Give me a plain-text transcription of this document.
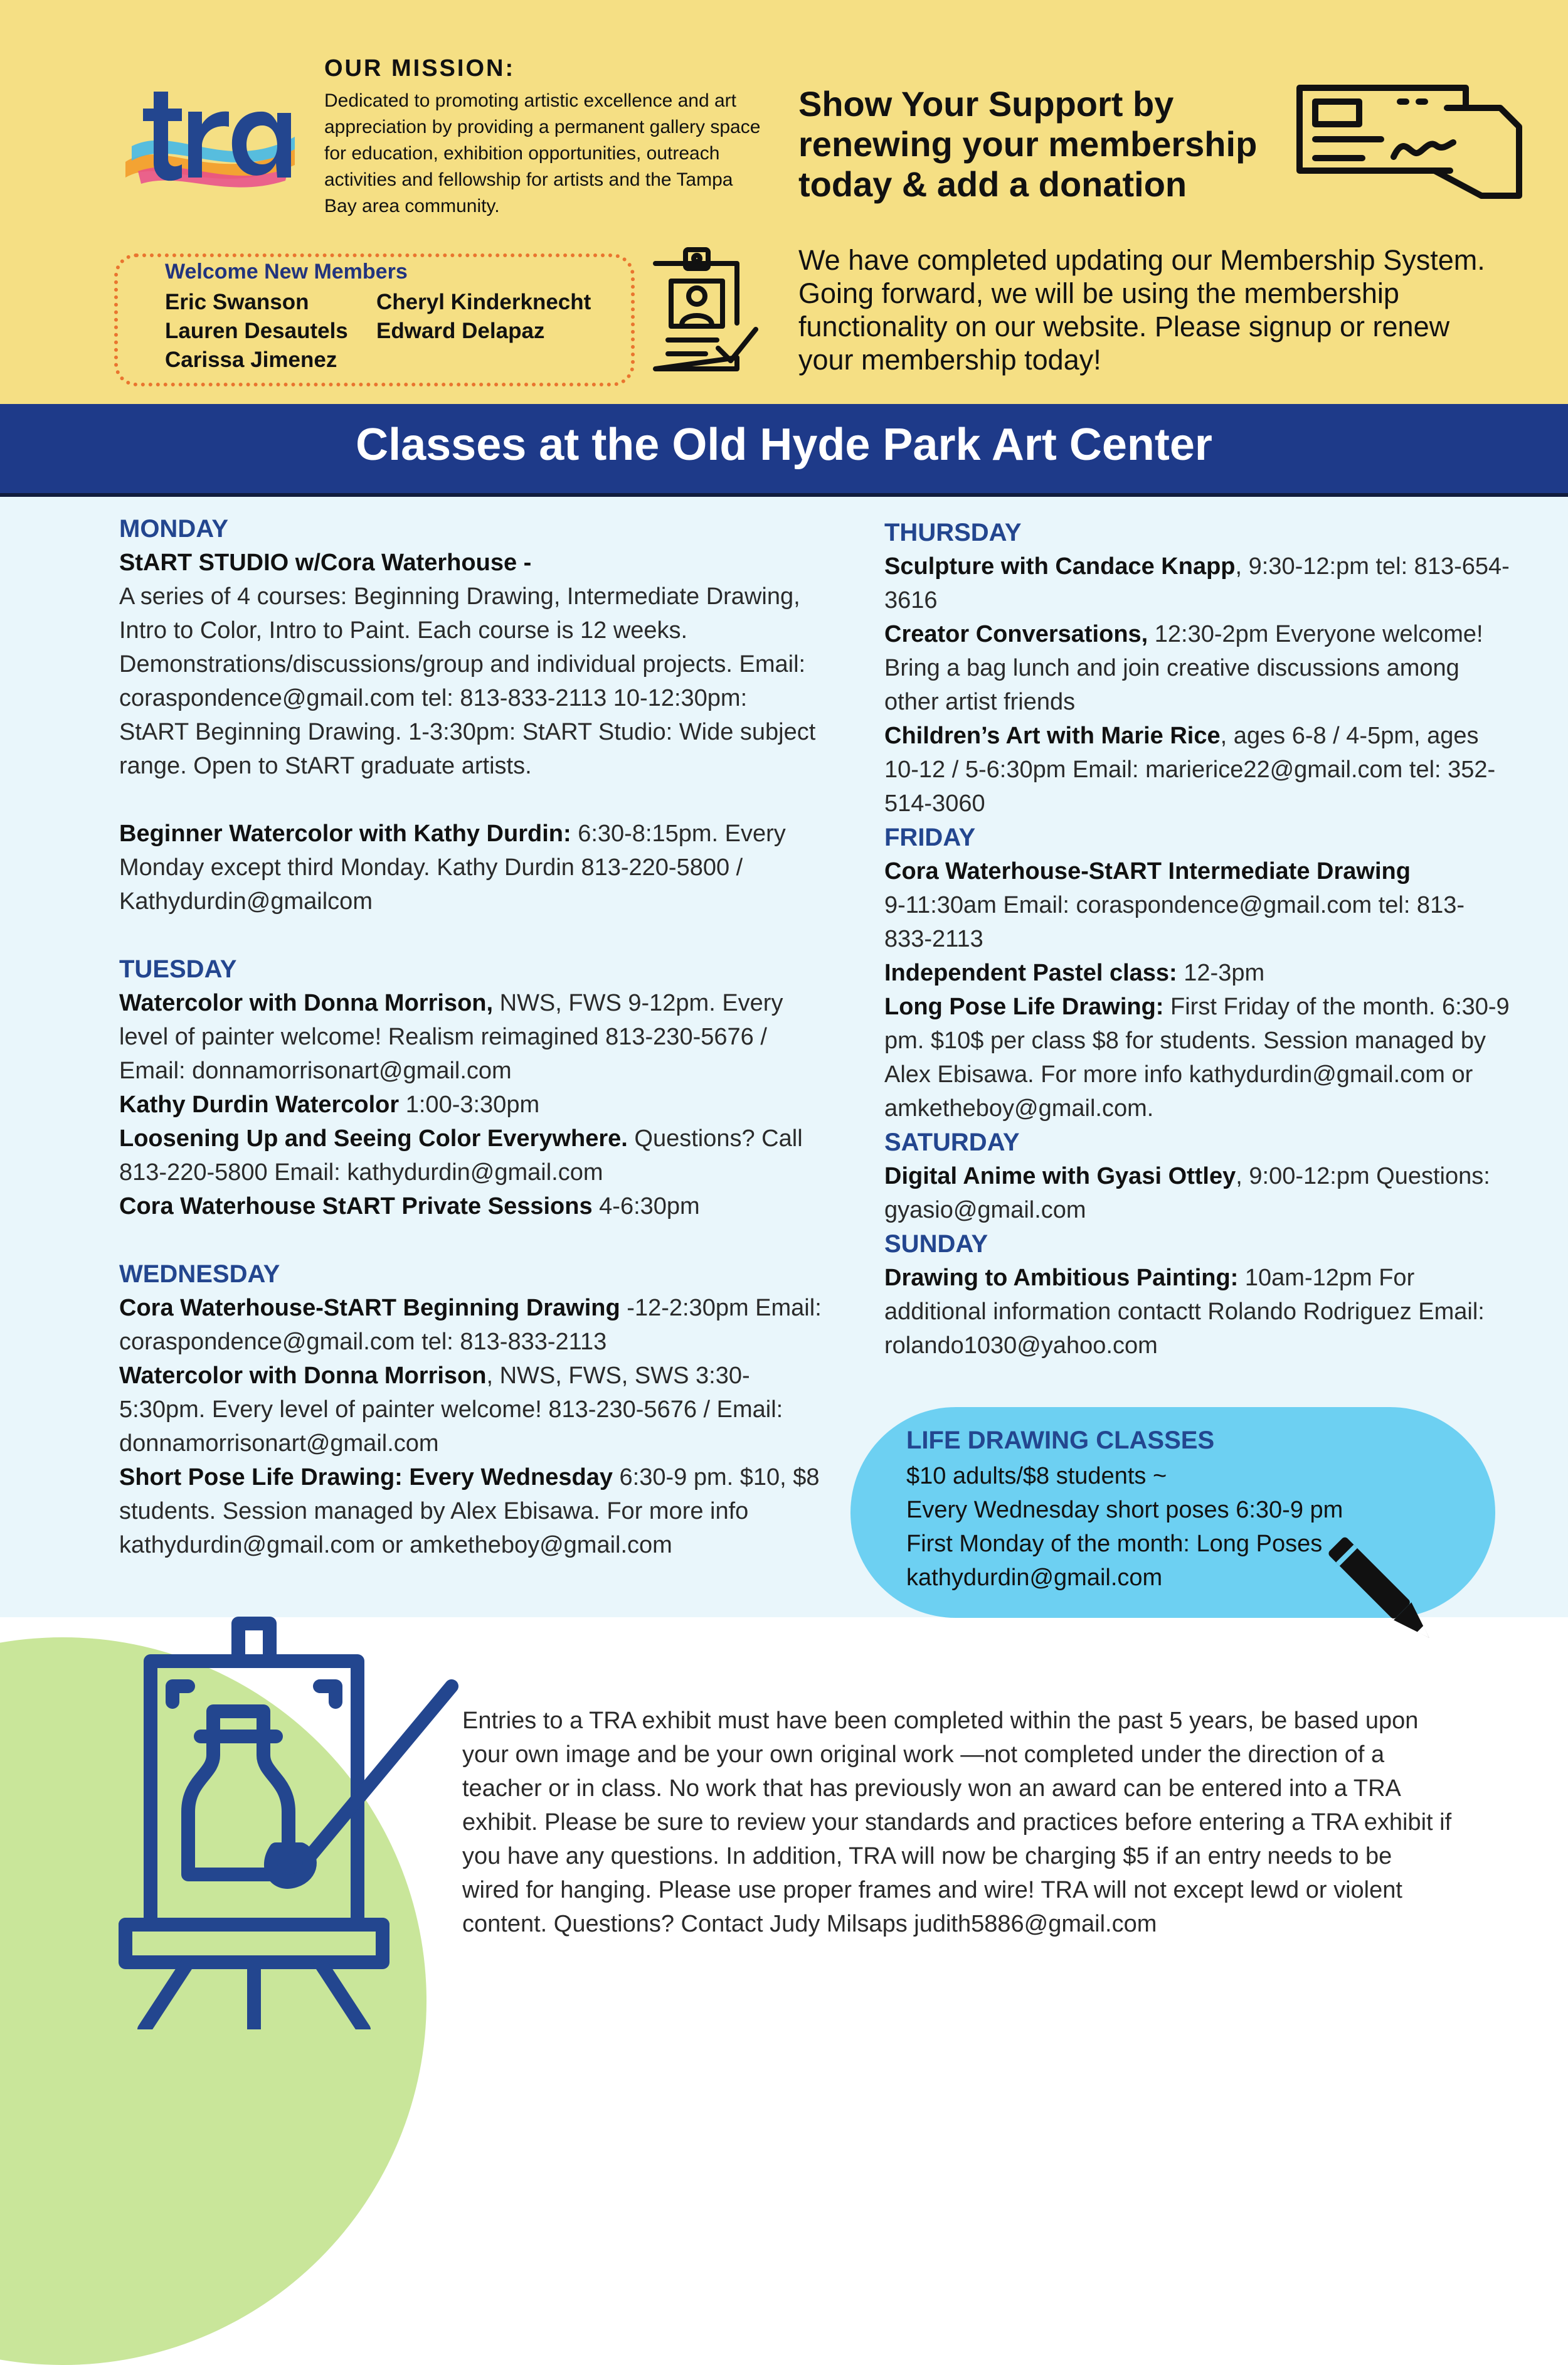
OUR MISSION:
Dedicated to promoting artistic excellence and art appreciation by providing a permanent gallery space for education, exhibition opportunities, outreach activities and fellowship for artists and the Tampa Bay area community.
Welcome New Members
Eric Swanson
Lauren Desautels
Carissa Jimenez
Cheryl Kinderknecht
Edward Delapaz
Show Your Support by renewing your membership today & add a donation
We have completed updating our Membership System. Going forward, we will be using the membership functionality on our website. Please signup or renew your membership today!
Classes at the Old Hyde Park Art Center
MONDAY
StART STUDIO w/Cora Waterhouse -
A series of 4 courses: Beginning Drawing, Intermediate Drawing, Intro to Color, Intro to Paint. Each course is 12 weeks. Demonstrations/discussions/group and individual projects. Email: coraspondence@gmail.com tel: 813-833-2113 10-12:30pm: StART Beginning Drawing. 1-3:30pm: StART Studio: Wide subject range. Open to StART graduate artists.
Beginner Watercolor with Kathy Durdin: 6:30-8:15pm. Every Monday except third Monday. Kathy Durdin 813-220-5800 / Kathydurdin@gmailcom
TUESDAY
Watercolor with Donna Morrison, NWS, FWS 9-12pm. Every level of painter welcome! Realism reimagined 813-230-5676 / Email: donnamorrisonart@gmail.com
Kathy Durdin Watercolor 1:00-3:30pm
Loosening Up and Seeing Color Everywhere. Questions? Call 813-220-5800 Email: kathydurdin@gmail.com
Cora Waterhouse StART Private Sessions 4-6:30pm
WEDNESDAY
Cora Waterhouse-StART Beginning Drawing -12-2:30pm Email: coraspondence@gmail.com tel: 813-833-2113
Watercolor with Donna Morrison, NWS, FWS, SWS 3:30-5:30pm. Every level of painter welcome! 813-230-5676 / Email: donnamorrisonart@gmail.com
Short Pose Life Drawing: Every Wednesday 6:30-9 pm. $10, $8 students. Session managed by Alex Ebisawa. For more info kathydurdin@gmail.com or amketheboy@gmail.com
THURSDAY
Sculpture with Candace Knapp, 9:30-12:pm tel: 813-654-3616
Creator Conversations, 12:30-2pm Everyone welcome! Bring a bag lunch and join creative discussions among other artist friends
Children’s Art with Marie Rice, ages 6-8 / 4-5pm, ages 10-12 / 5-6:30pm Email: marierice22@gmail.com tel: 352-514-3060
FRIDAY
Cora Waterhouse-StART Intermediate Drawing
9-11:30am Email: coraspondence@gmail.com tel: 813-833-2113
Independent Pastel class: 12-3pm
Long Pose Life Drawing: First Friday of the month. 6:30-9 pm. $10$ per class $8 for students. Session managed by Alex Ebisawa. For more info kathydurdin@gmail.com or amketheboy@gmail.com.
SATURDAY
Digital Anime with Gyasi Ottley, 9:00-12:pm Questions: gyasio@gmail.com
SUNDAY
Drawing to Ambitious Painting: 10am-12pm For additional information contactt Rolando Rodriguez Email: rolando1030@yahoo.com
LIFE DRAWING CLASSES
$10 adults/$8 students ~
Every Wednesday short poses 6:30-9 pm
First Monday of the month: Long Poses
kathydurdin@gmail.com
Entries to a TRA exhibit must have been completed within the past 5 years, be based upon your own image and be your own original work —not completed under the direction of a teacher or in class. No work that has previously won an award can be entered into a TRA exhibit. Please be sure to review your standards and practices before entering a TRA exhibit if you have any questions. In addition, TRA will now be charging $5 if an entry needs to be wired for hanging. Please use proper frames and wire! TRA will not except lewd or violent content. Questions? Contact Judy Milsaps judith5886@gmail.com
